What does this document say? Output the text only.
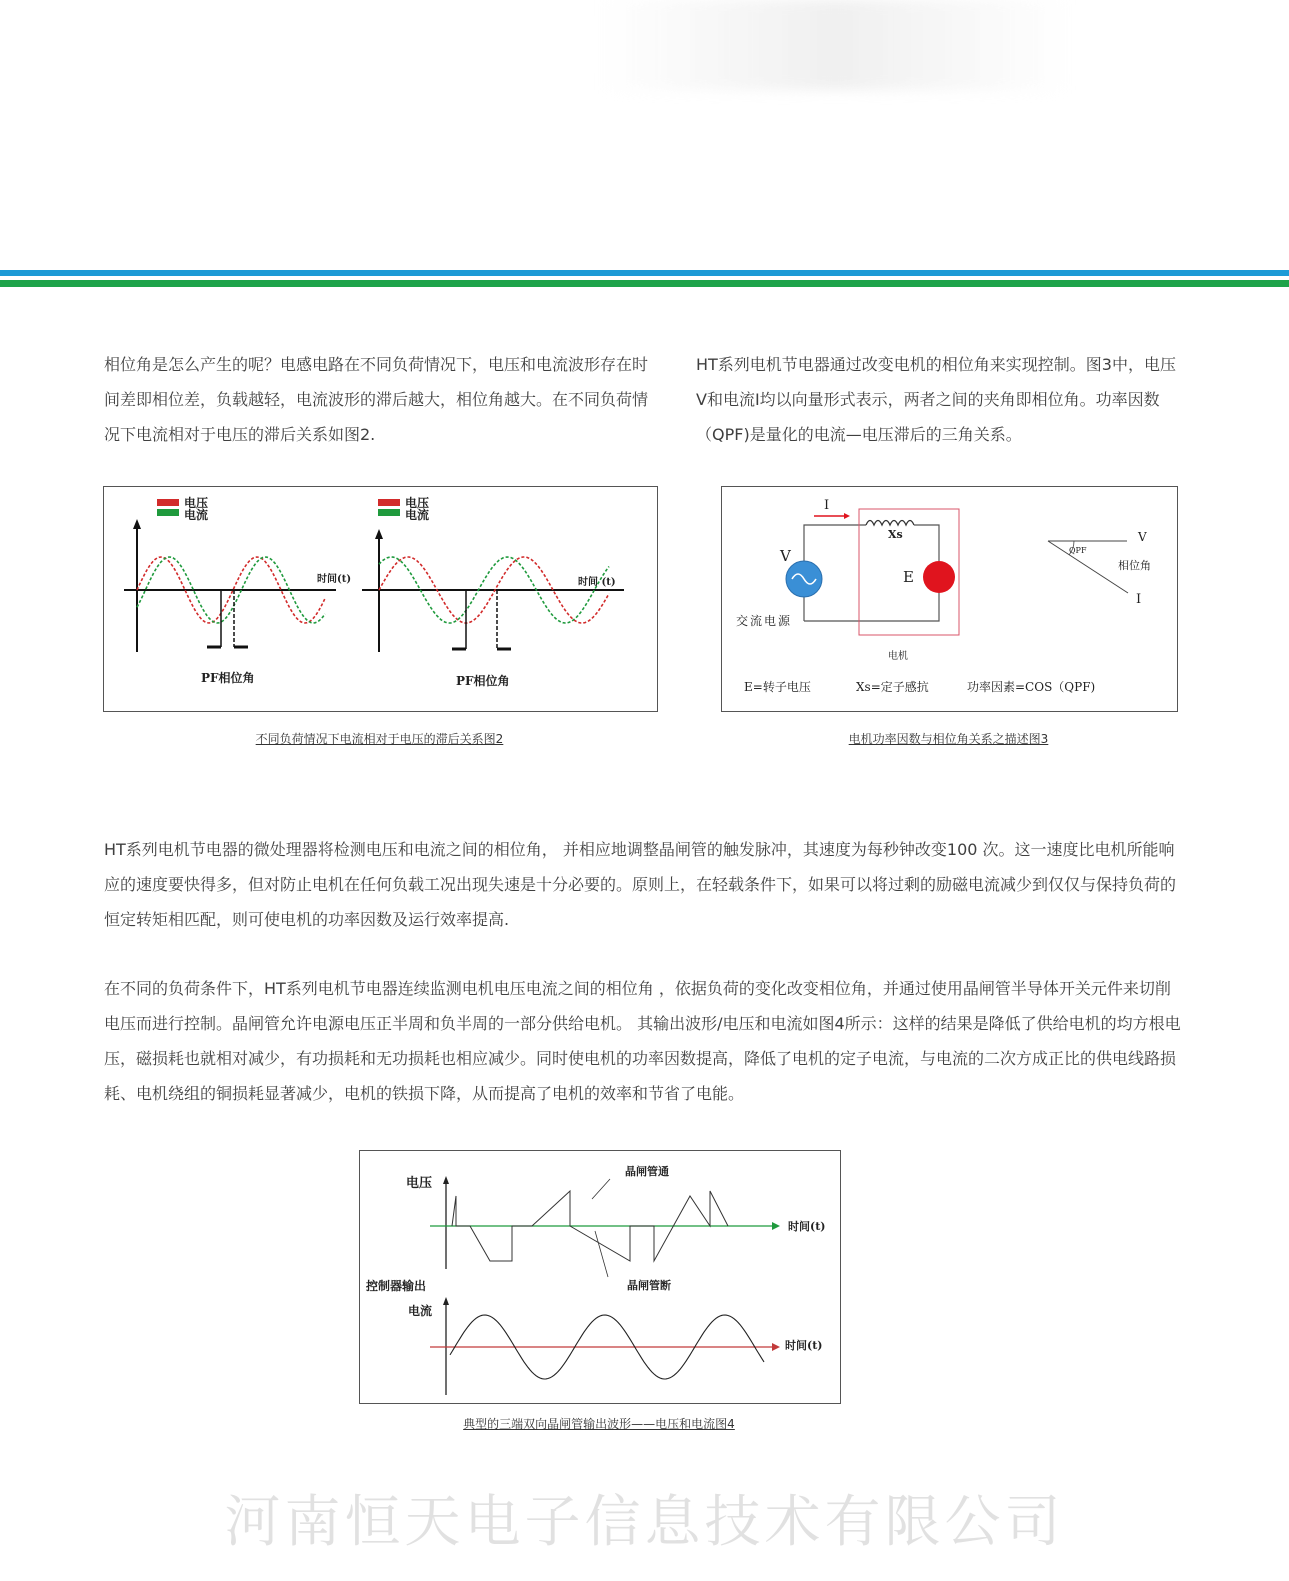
相位角是怎么产生的呢？电感电路在不同负荷情况下，电压和电流波形存在时间差即相位差，负载越轻，电流波形的滞后越大，相位角越大。在不同负荷情况下电流相对于电压的滞后关系如图2.

HT系列电机节电器通过改变电机的相位角来实现控制。图3中，电压V和电流I均以向量形式表示，两者之间的夹角即相位角。功率因数（QPF)是量化的电流—电压滞后的三角关系。

电压
电流
时间(t)
PF相位角
电压
电流
时间 (t)
PF相位角

不同负荷情况下电流相对于电压的滞后关系图2

I
Xs
V
交流电源
E
电机
QPF
V
相位角
I
E=转子电压	Xs=定子感抗	功率因素=COS（QPF)

电机功率因数与相位角关系之描述图3

HT系列电机节电器的微处理器将检测电压和电流之间的相位角， 并相应地调整晶闸管的触发脉冲，其速度为每秒钟改变100 次。这一速度比电机所能响应的速度要快得多，但对防止电机在任何负载工况出现失速是十分必要的。原则上，在轻载条件下，如果可以将过剩的励磁电流减少到仅仅与保持负荷的恒定转矩相匹配，则可使电机的功率因数及运行效率提高.

在不同的负荷条件下，HT系列电机节电器连续监测电机电压电流之间的相位角 ，依据负荷的变化改变相位角，并通过使用晶闸管半导体开关元件来切削电压而进行控制。晶闸管允许电源电压正半周和负半周的一部分供给电机。 其输出波形/电压和电流如图4所示：这样的结果是降低了供给电机的均方根电压，磁损耗也就相对减少，有功损耗和无功损耗也相应减少。同时使电机的功率因数提高，降低了电机的定子电流，与电流的二次方成正比的供电线路损耗、电机绕组的铜损耗显著减少，电机的铁损下降，从而提高了电机的效率和节省了电能。

电压
晶闸管通
时间(t)
晶闸管断
控制器输出
电流
时间(t)

典型的三端双向晶闸管输出波形——电压和电流图4

河南恒天电子信息技术有限公司
